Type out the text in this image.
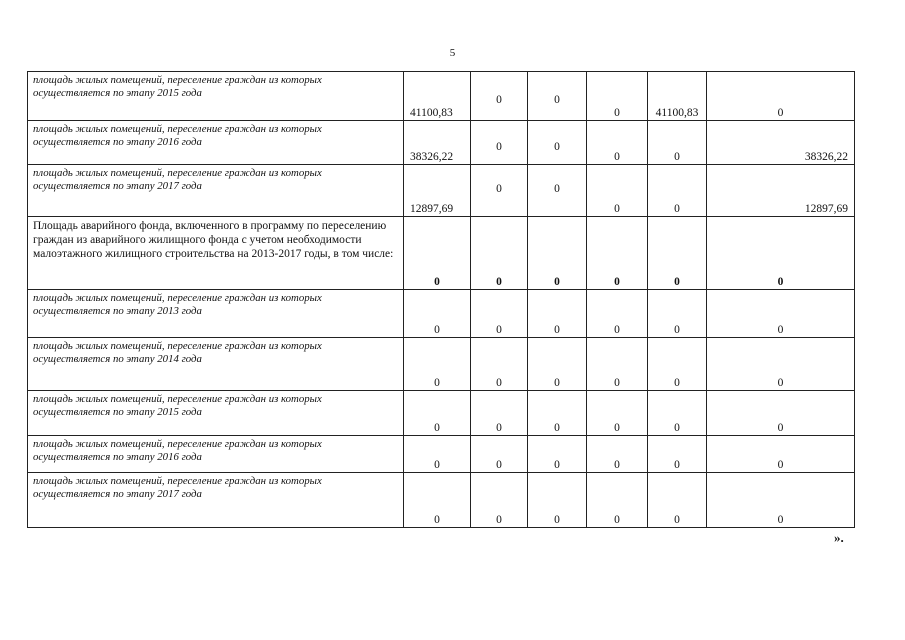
5
площадь жилых помещений, переселение граждан из которых осуществляется по этапу 2015 года	41100,83	0	0	0	41100,83	0

площадь жилых помещений, переселение граждан из которых осуществляется по этапу 2016 года	38326,22	0	0	0	0	38326,22

площадь жилых помещений, переселение граждан из которых осуществляется по этапу 2017 года	12897,69	0	0	0	0	12897,69

Площадь аварийного фонда, включенного в программу по переселению граждан из аварийного жилищного фонда с учетом необходимости малоэтажного жилищного строительства на 2013-2017 годы, в том числе:	0	0	0	0	0	0

площадь жилых помещений, переселение граждан из которых осуществляется по этапу 2013 года	0	0	0	0	0	0

площадь жилых помещений, переселение граждан из которых осуществляется по этапу 2014 года	0	0	0	0	0	0

площадь жилых помещений, переселение граждан из которых осуществляется по этапу 2015 года	0	0	0	0	0	0

площадь жилых помещений, переселение граждан из которых осуществляется по этапу 2016 года	0	0	0	0	0	0

площадь жилых помещений, переселение граждан из которых осуществляется по этапу 2017 года	0	0	0	0	0	0
».
